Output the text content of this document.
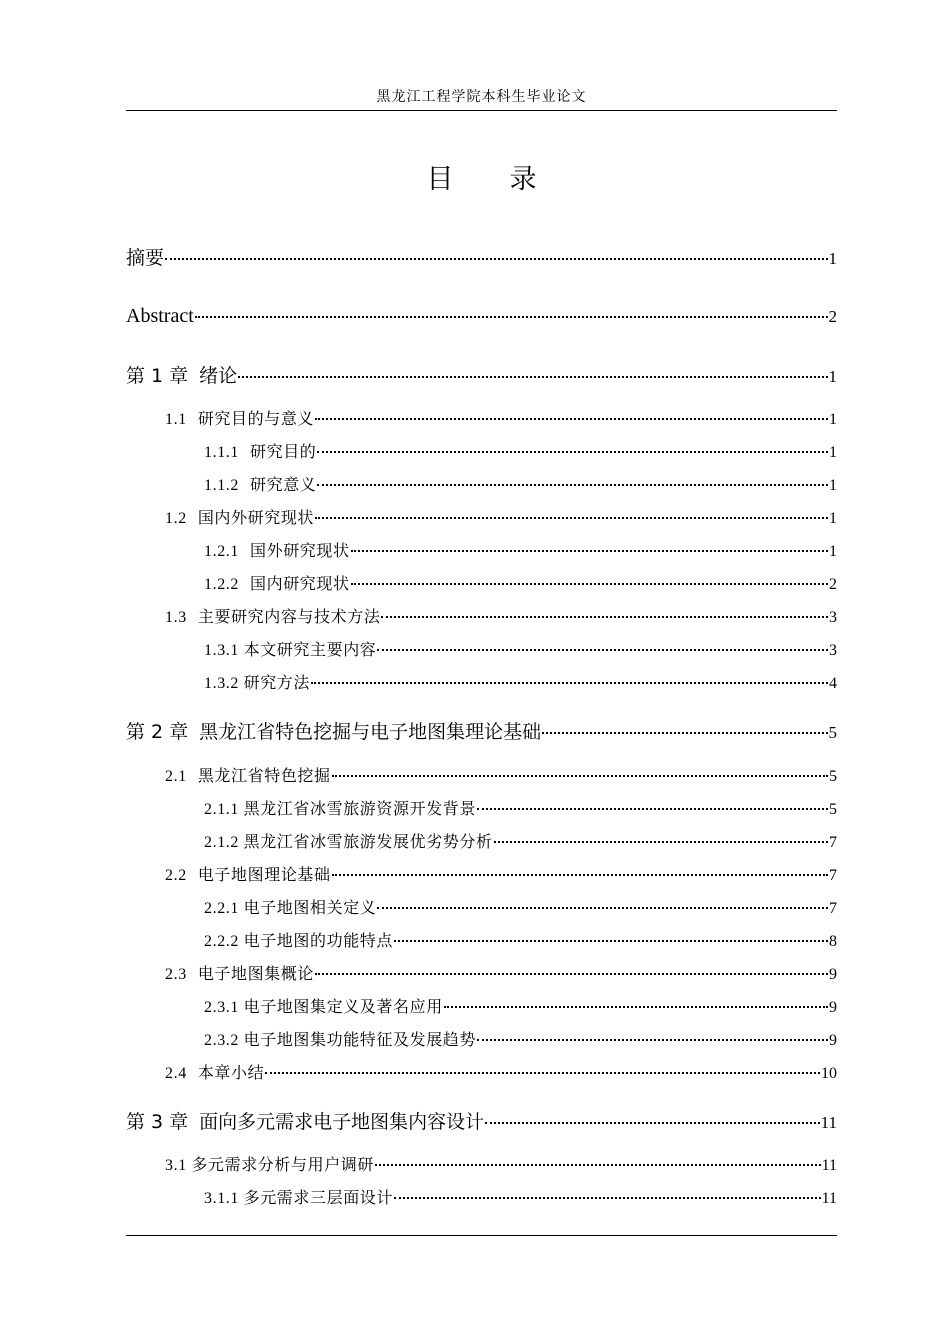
黑龙江工程学院本科生毕业论文
目 录
摘要	1
Abstract	2
第 1 章 绪论	1
1.1 研究目的与意义	1
1.1.1 研究目的	1
1.1.2 研究意义	1
1.2 国内外研究现状	1
1.2.1 国外研究现状	1
1.2.2 国内研究现状	2
1.3 主要研究内容与技术方法	3
1.3.1 本文研究主要内容	3
1.3.2 研究方法	4
第 2 章 黑龙江省特色挖掘与电子地图集理论基础	5
2.1 黑龙江省特色挖掘	5
2.1.1 黑龙江省冰雪旅游资源开发背景	5
2.1.2 黑龙江省冰雪旅游发展优劣势分析	7
2.2 电子地图理论基础	7
2.2.1 电子地图相关定义	7
2.2.2 电子地图的功能特点	8
2.3 电子地图集概论	9
2.3.1 电子地图集定义及著名应用	9
2.3.2 电子地图集功能特征及发展趋势	9
2.4 本章小结	10
第 3 章 面向多元需求电子地图集内容设计	11
3.1 多元需求分析与用户调研	11
3.1.1 多元需求三层面设计	11
